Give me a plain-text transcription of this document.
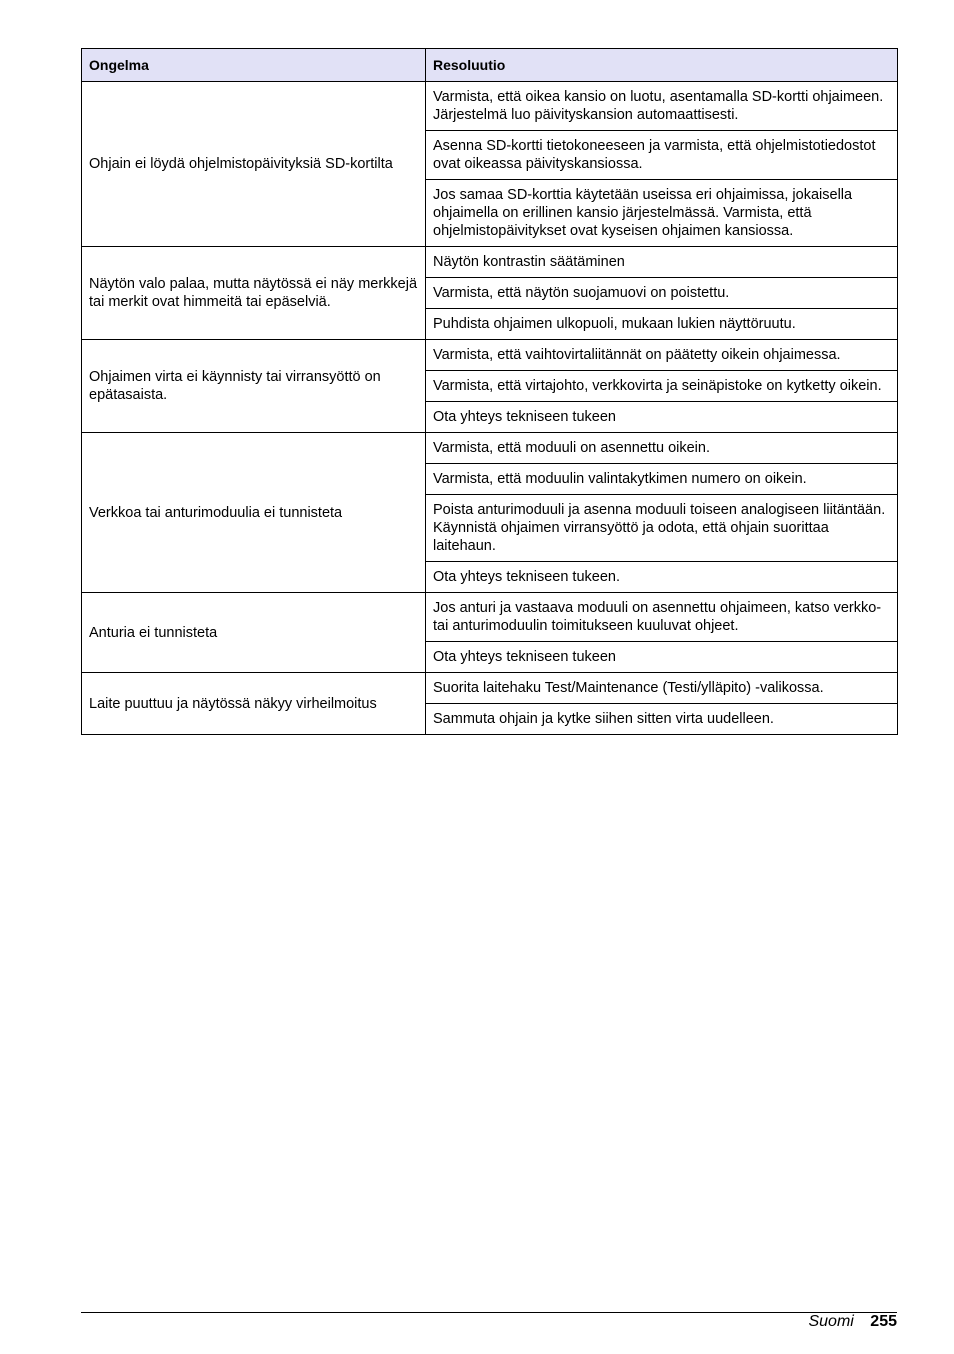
Ongelma	Resoluutio
Ohjain ei löydä ohjelmistopäivityksiä SD-kortilta	Varmista, että oikea kansio on luotu, asentamalla SD-kortti ohjaimeen. Järjestelmä luo päivityskansion automaattisesti.
	Asenna SD-kortti tietokoneeseen ja varmista, että ohjelmistotiedostot ovat oikeassa päivityskansiossa.
	Jos samaa SD-korttia käytetään useissa eri ohjaimissa, jokaisella ohjaimella on erillinen kansio järjestelmässä. Varmista, että ohjelmistopäivitykset ovat kyseisen ohjaimen kansiossa.
Näytön valo palaa, mutta näytössä ei näy merkkejä tai merkit ovat himmeitä tai epäselviä.	Näytön kontrastin säätäminen
	Varmista, että näytön suojamuovi on poistettu.
	Puhdista ohjaimen ulkopuoli, mukaan lukien näyttöruutu.
Ohjaimen virta ei käynnisty tai virransyöttö on epätasaista.	Varmista, että vaihtovirtaliitännät on päätetty oikein ohjaimessa.
	Varmista, että virtajohto, verkkovirta ja seinäpistoke on kytketty oikein.
	Ota yhteys tekniseen tukeen
Verkkoa tai anturimoduulia ei tunnisteta	Varmista, että moduuli on asennettu oikein.
	Varmista, että moduulin valintakytkimen numero on oikein.
	Poista anturimoduuli ja asenna moduuli toiseen analogiseen liitäntään. Käynnistä ohjaimen virransyöttö ja odota, että ohjain suorittaa laitehaun.
	Ota yhteys tekniseen tukeen.
Anturia ei tunnisteta	Jos anturi ja vastaava moduuli on asennettu ohjaimeen, katso verkko- tai anturimoduulin toimitukseen kuuluvat ohjeet.
	Ota yhteys tekniseen tukeen
Laite puuttuu ja näytössä näkyy virheilmoitus	Suorita laitehaku Test/Maintenance (Testi/ylläpito) -valikossa.
	Sammuta ohjain ja kytke siihen sitten virta uudelleen.
Suomi 255
